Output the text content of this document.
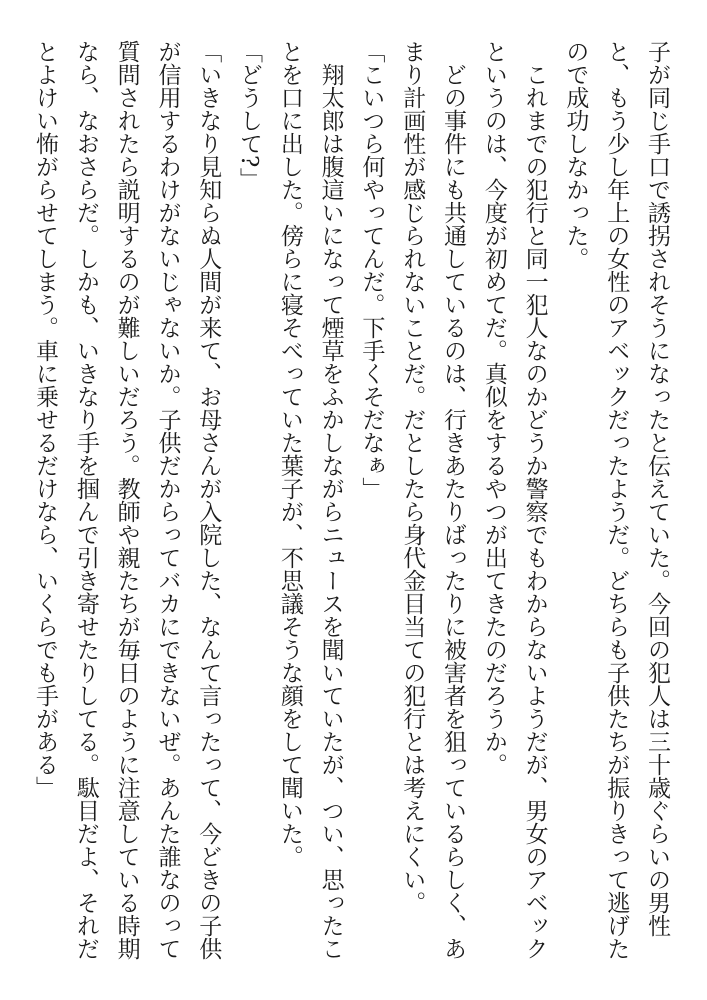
子が同じ手口で誘拐されそうになったと伝えていた。今回の犯人は三十歳ぐらいの男性と、もう少し年上の女性のアベックだったようだ。どちらも子供たちが振りきって逃げたので成功しなかった。

これまでの犯行と同一犯人なのかどうか警察でもわからないようだが、男女のアベックというのは、今度が初めてだ。真似をするやつが出てきたのだろうか。

どの事件にも共通しているのは、行きあたりばったりに被害者を狙っているらしく、あまり計画性が感じられないことだ。だとしたら身代金目当ての犯行とは考えにくい。

「こいつら何やってんだ。下手くそだなぁ」

翔太郎は腹這いになって煙草をふかしながらニュースを聞いていたが、つい、思ったことを口に出した。傍らに寝そべっていた葉子が、不思議そうな顔をして聞いた。

「どうして?」

「いきなり見知らぬ人間が来て、お母さんが入院した、なんて言ったって、今どきの子供が信用するわけがないじゃないか。子供だからってバカにできないぜ。あんた誰なのって質問されたら説明するのが難しいだろう。教師や親たちが毎日のように注意している時期なら、なおさらだ。しかも、いきなり手を掴んで引き寄せたりしてる。駄目だよ、それだとよけい怖がらせてしまう。車に乗せるだけなら、いくらでも手がある」
